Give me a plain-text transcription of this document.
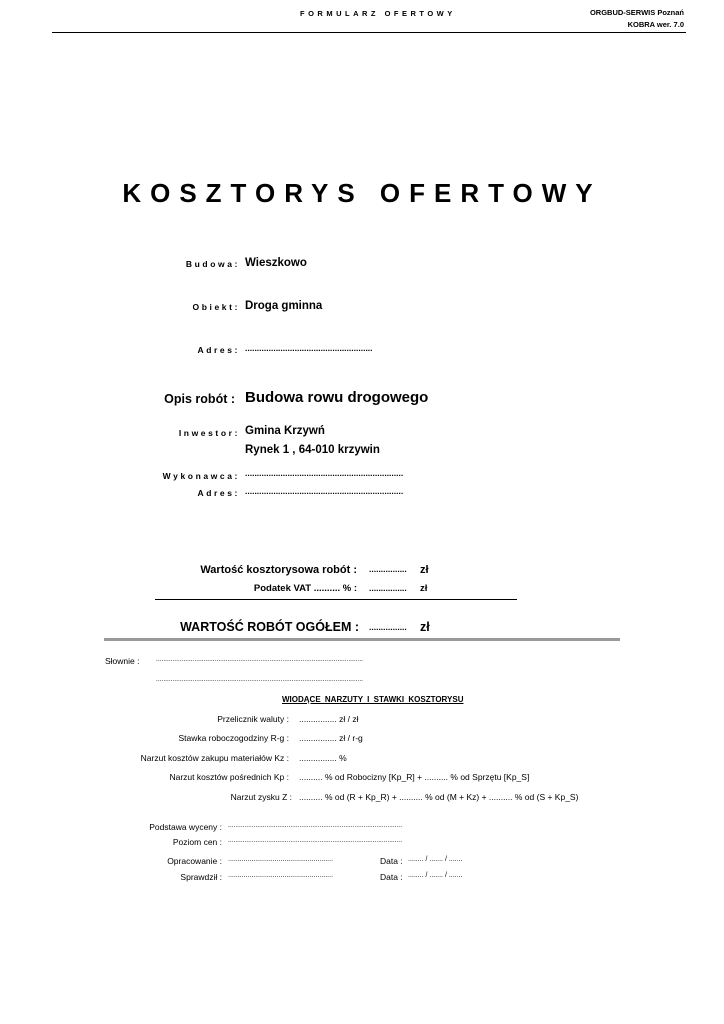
FORMULARZ OFERTOWY	ORGBUD-SERWIS Poznań
KOBRA wer. 7.0
KOSZTORYS OFERTOWY
Budowa: Wieszkowo
Obiekt: Droga gminna
Adres: ......................................................
Opis robót : Budowa rowu drogowego
Inwestor: Gmina Krzywń
Rynek 1 , 64-010 krzywin
Wykonawca: ...................................................................
Adres: ...................................................................
Wartość kosztorysowa robót : ................ zł
Podatek VAT .......... % : ................ zł
WARTOŚĆ ROBÓT OGÓŁEM : ................ zł
Słownie :	.................................................................................................................
.................................................................................................................
WIODĄCE NARZUTY I STAWKI KOSZTORYSU
Przelicznik waluty : ................ zł / zł
Stawka roboczogodziny R-g : ................ zł / r-g
Narzut kosztów zakupu materiałów Kz : ................ %
Narzut kosztów pośrednich Kp : .......... % od Robocizny [Kp_R] + .......... % od Sprzętu [Kp_S]
Narzut zysku Z : .......... % od (R + Kp_R) + .......... % od (M + Kz) + .......... % od (S + Kp_S)
Podstawa wyceny : ...............................................................................................
Poziom cen : ...............................................................................................
Opracowanie : ......................................................	Data : ........ / ....... / .......
Sprawdził : ......................................................	Data : ........ / ....... / .......
